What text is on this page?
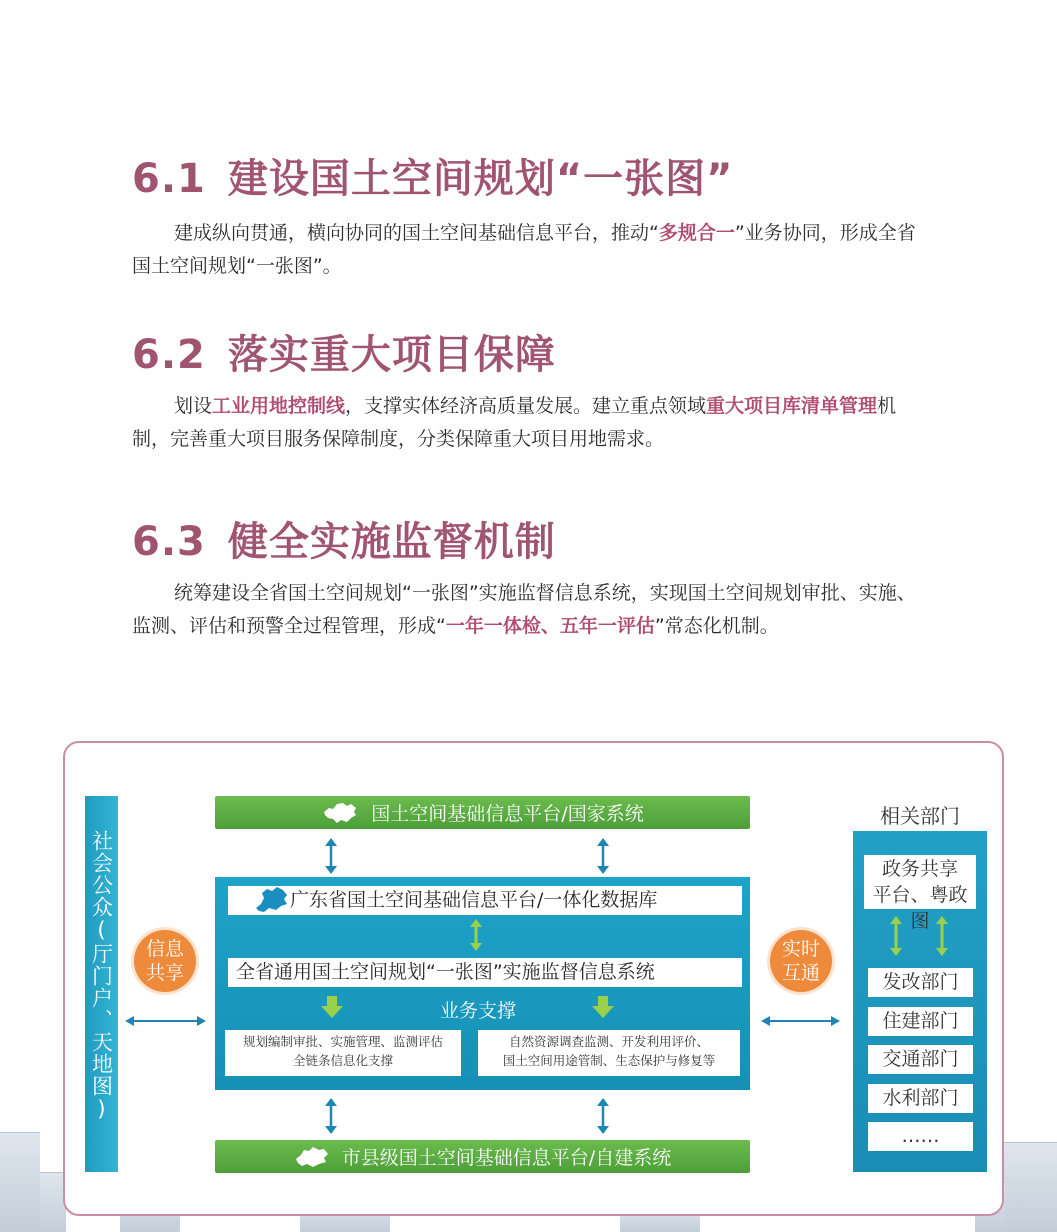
6.1 建设国土空间规划“一张图”
建成纵向贯通，横向协同的国土空间基础信息平台，推动“多规合一”业务协同，形成全省国土空间规划“一张图”。
6.2 落实重大项目保障
划设工业用地控制线，支撑实体经济高质量发展。建立重点领域重大项目库清单管理机制，完善重大项目服务保障制度，分类保障重大项目用地需求。
6.3 健全实施监督机制
统筹建设全省国土空间规划“一张图”实施监督信息系统，实现国土空间规划审批、实施、监测、评估和预警全过程管理，形成“一年一体检、五年一评估”常态化机制。
社会公众(厅门户、天地图) 信息
共享
实时
互通
国土空间基础信息平台/国家系统
广东省国土空间基础信息平台/一体化数据库
全省通用国土空间规划“一张图”实施监督信息系统
业务支撑
规划编制审批、实施管理、监测评估
全链条信息化支撑
自然资源调查监测、开发利用评价、
国土空间用途管制、生态保护与修复等
市县级国土空间基础信息平台/自建系统
相关部门
政务共享
平台、粤政图
发改部门
住建部门
交通部门
水利部门
……
